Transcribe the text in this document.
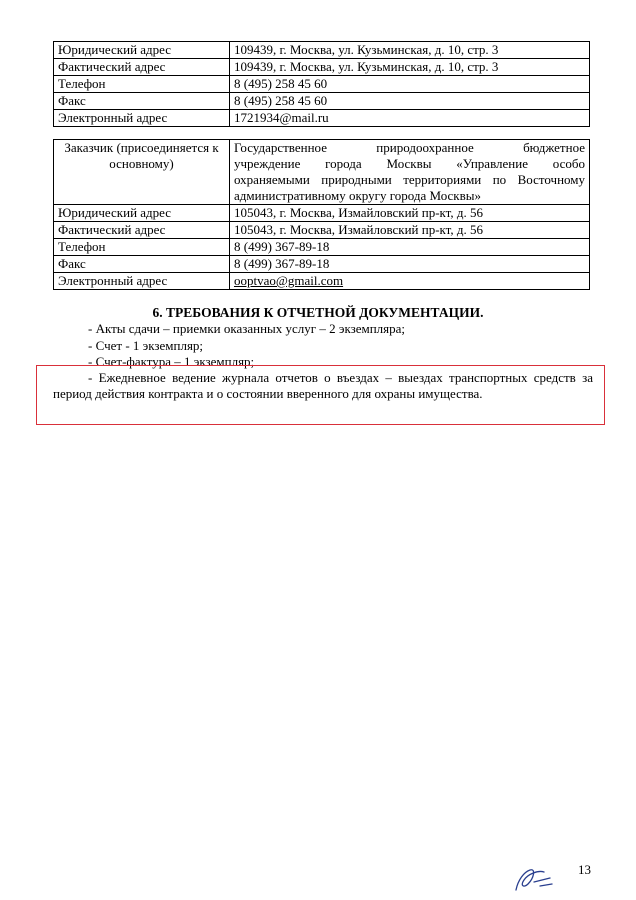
Юридический адрес	109439, г. Москва, ул. Кузьминская, д. 10, стр. 3
Фактический адрес	109439, г. Москва, ул. Кузьминская, д. 10, стр. 3
Телефон	8 (495) 258 45 60
Факс	8 (495) 258 45 60
Электронный адрес	1721934@mail.ru
Заказчик (присоединяется к основному)	Государственное природоохранное бюджетное
учреждение города Москвы «Управление особо
охраняемыми природными территориями по Восточному
административному округу города Москвы»

Юридический адрес	105043, г. Москва, Измайловский пр-кт, д. 56
Фактический адрес	105043, г. Москва, Измайловский пр-кт, д. 56
Телефон	8 (499) 367-89-18
Факс	8 (499) 367-89-18
Электронный адрес	ooptvao@gmail.com
6. ТРЕБОВАНИЯ К ОТЧЕТНОЙ ДОКУМЕНТАЦИИ.
- Акты сдачи – приемки оказанных услуг – 2 экземпляра;
- Счет - 1 экземпляр;
- Счет-фактура – 1 экземпляр;
- Ежедневное ведение журнала отчетов о въездах – выездах транспортных средств за период действия контракта и о состоянии вверенного для охраны имущества.
13
